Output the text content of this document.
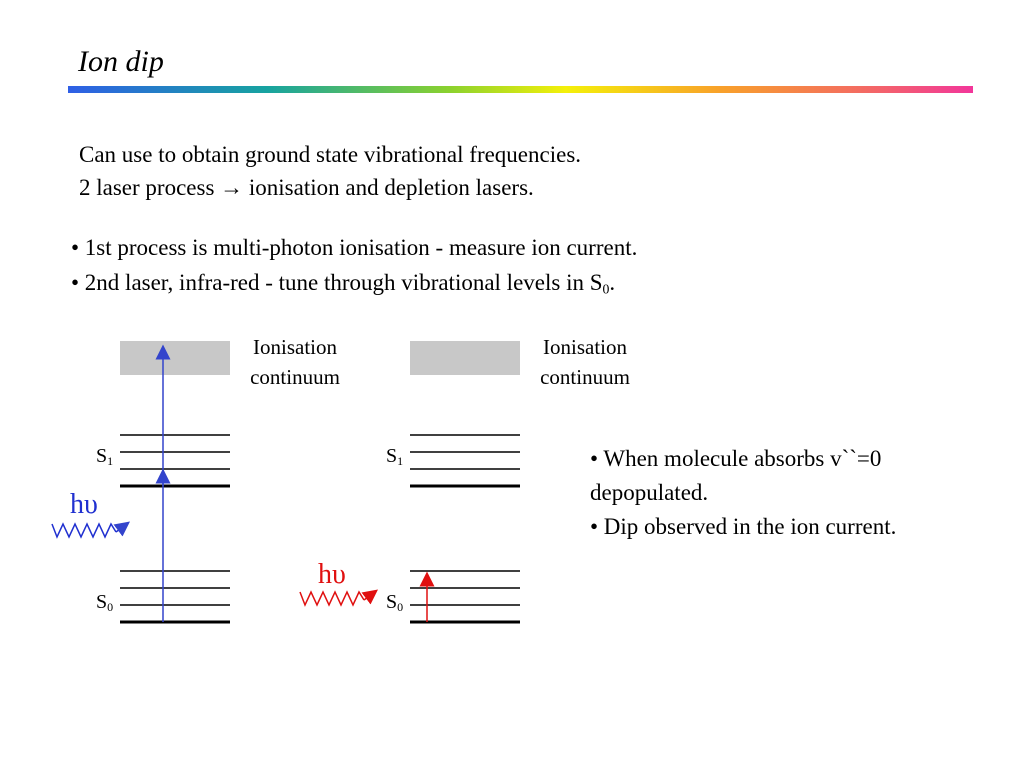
Ion dip
Can use to obtain ground state vibrational frequencies.
2 laser process → ionisation and depletion lasers.
• 1st process is multi-photon ionisation - measure ion current.
• 2nd laser, infra-red - tune through vibrational levels in $S_0$.
Ionisation
continuum
$S_1$
$S_0$
hυ
Ionisation
continuum
$S_1$
$S_0$
hυ
• When molecule absorbs v``=0 depopulated.
• Dip observed in the ion current.
